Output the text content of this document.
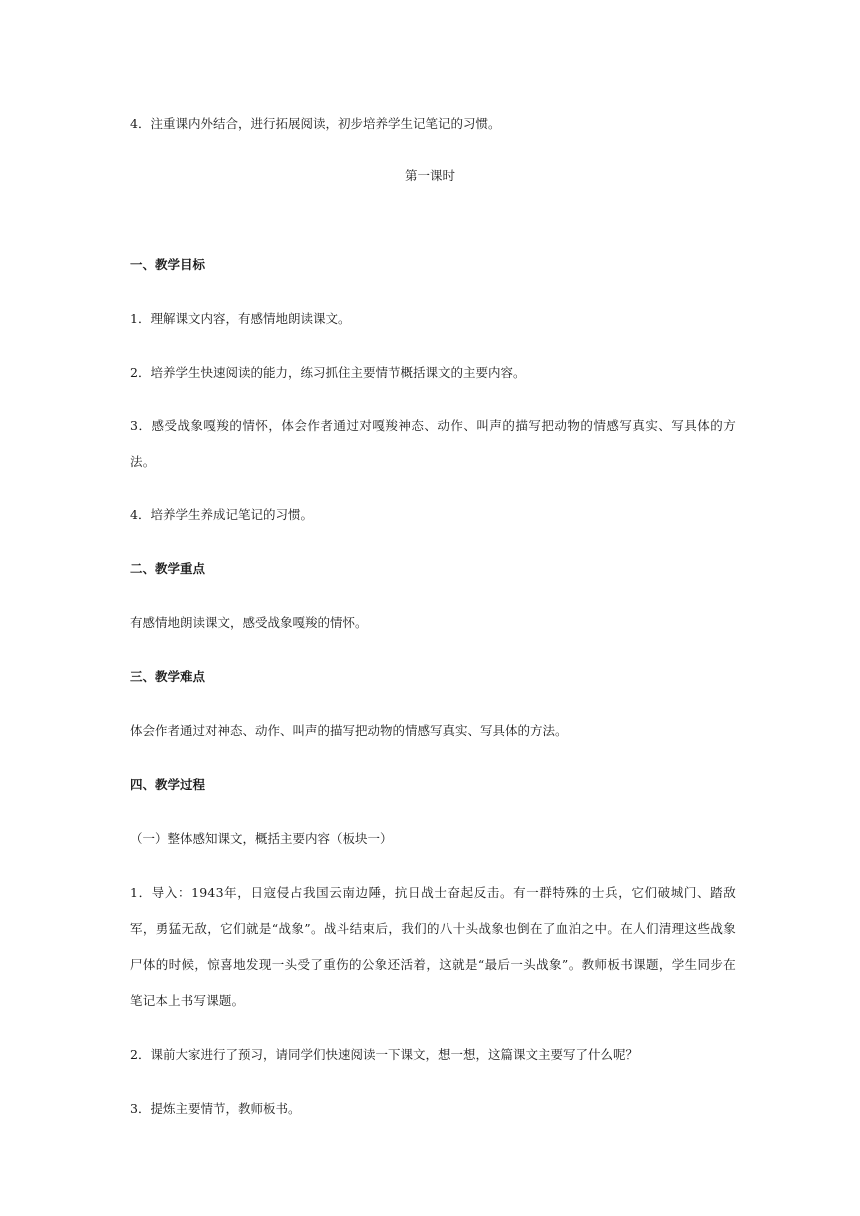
4．注重课内外结合，进行拓展阅读，初步培养学生记笔记的习惯。

第一课时

一、教学目标

1．理解课文内容，有感情地朗读课文。

2．培养学生快速阅读的能力，练习抓住主要情节概括课文的主要内容。

3．感受战象嘎羧的情怀，体会作者通过对嘎羧神态、动作、叫声的描写把动物的情感写真实、写具体的方法。

4．培养学生养成记笔记的习惯。

二、教学重点

有感情地朗读课文，感受战象嘎羧的情怀。

三、教学难点

体会作者通过对神态、动作、叫声的描写把动物的情感写真实、写具体的方法。

四、教学过程

（一）整体感知课文，概括主要内容（板块一）

1．导入：1943年，日寇侵占我国云南边陲，抗日战士奋起反击。有一群特殊的士兵，它们破城门、踏敌军，勇猛无敌，它们就是“战象”。战斗结束后，我们的八十头战象也倒在了血泊之中。在人们清理这些战象尸体的时候，惊喜地发现一头受了重伤的公象还活着，这就是“最后一头战象”。教师板书课题，学生同步在笔记本上书写课题。

2．课前大家进行了预习，请同学们快速阅读一下课文，想一想，这篇课文主要写了什么呢？

3．提炼主要情节，教师板书。
